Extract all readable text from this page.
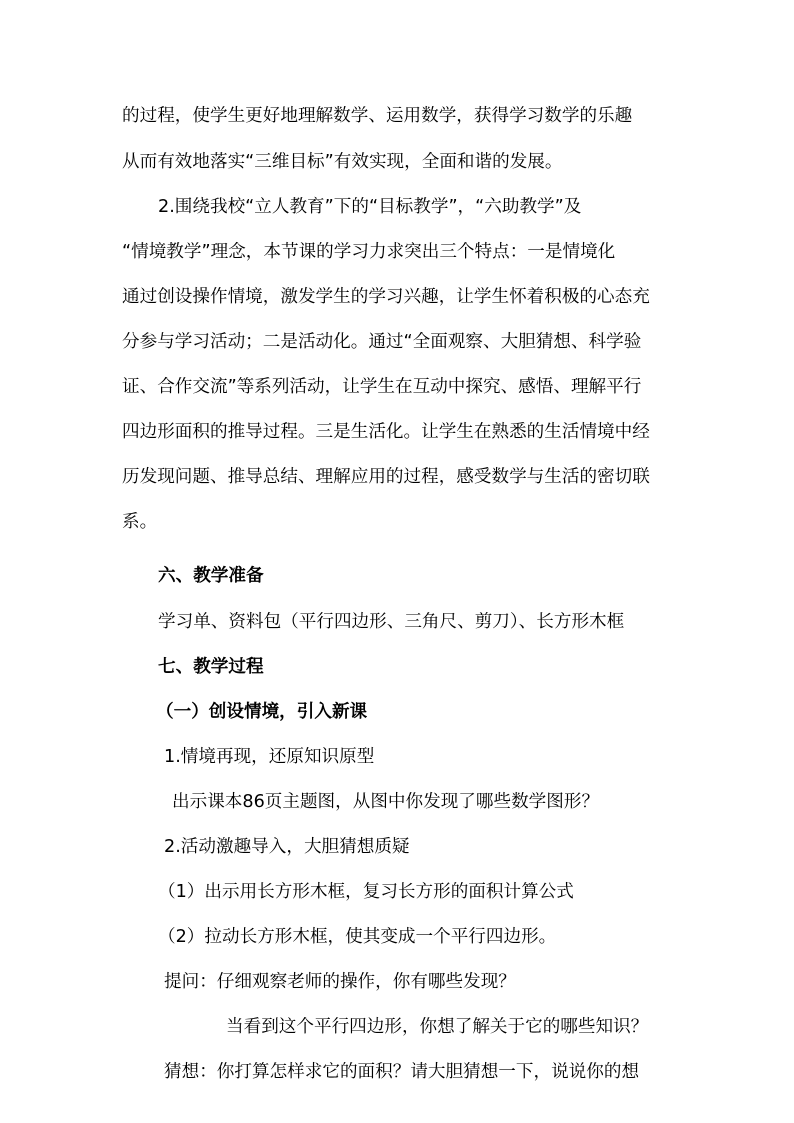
的过程，使学生更好地理解数学、运用数学，获得学习数学的乐趣
从而有效地落实“三维目标”有效实现，全面和谐的发展。
2.围绕我校“立人教育”下的“目标教学”，“六助教学”及
“情境教学”理念，本节课的学习力求突出三个特点：一是情境化
通过创设操作情境，激发学生的学习兴趣，让学生怀着积极的心态充
分参与学习活动；二是活动化。通过“全面观察、大胆猜想、科学验
证、合作交流”等系列活动，让学生在互动中探究、感悟、理解平行
四边形面积的推导过程。三是生活化。让学生在熟悉的生活情境中经
历发现问题、推导总结、理解应用的过程，感受数学与生活的密切联
系。
六、教学准备
学习单、资料包（平行四边形、三角尺、剪刀）、长方形木框
七、教学过程
（一）创设情境，引入新课
1.情境再现，还原知识原型
出示课本86页主题图，从图中你发现了哪些数学图形？
2.活动激趣导入，大胆猜想质疑
（1）出示用长方形木框，复习长方形的面积计算公式
（2）拉动长方形木框，使其变成一个平行四边形。
提问：仔细观察老师的操作，你有哪些发现？
当看到这个平行四边形，你想了解关于它的哪些知识？
猜想：你打算怎样求它的面积？请大胆猜想一下，说说你的想
